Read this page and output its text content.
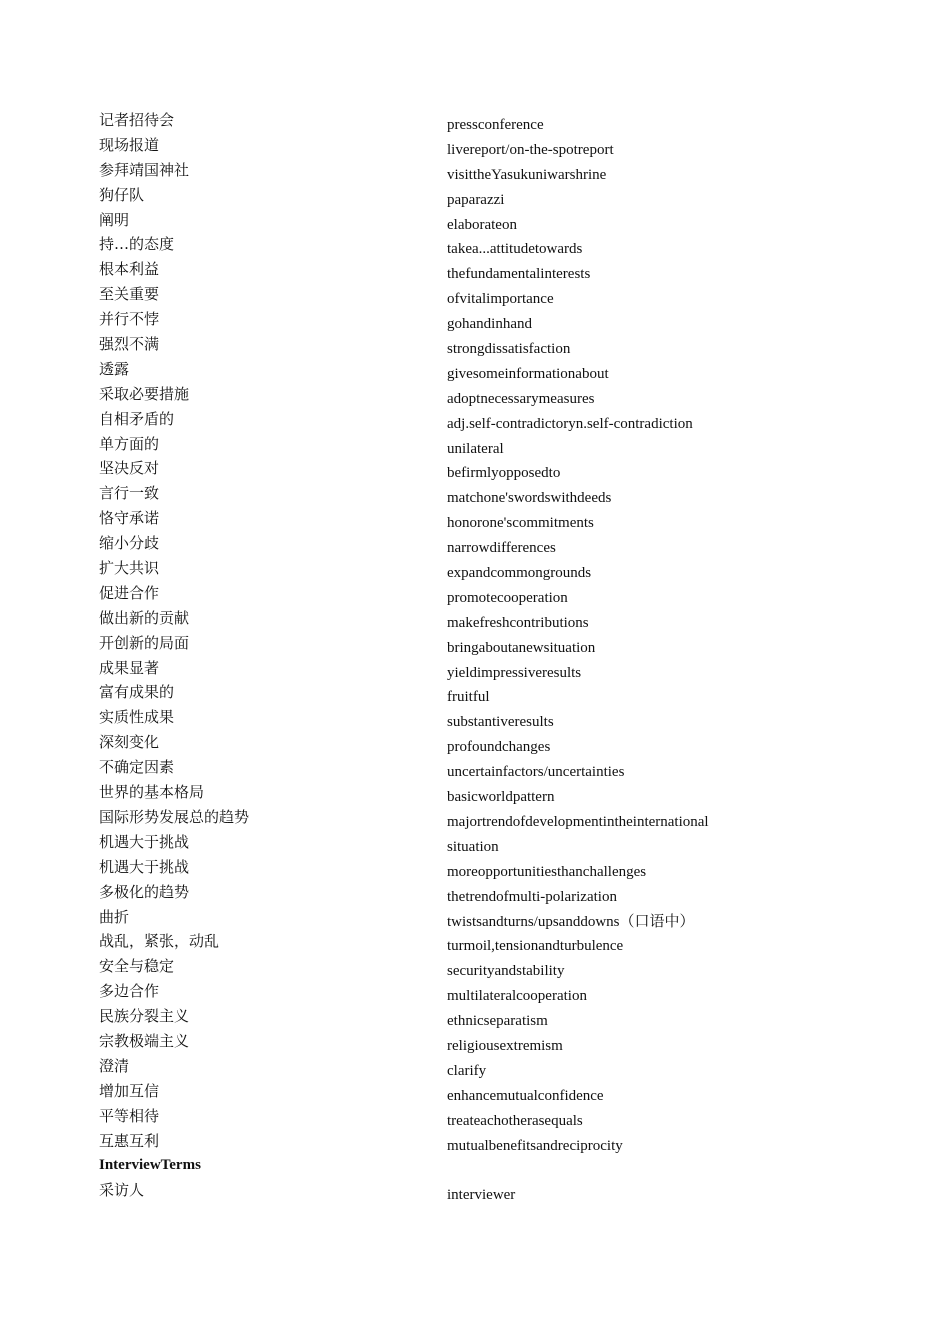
记者招待会	pressconference
现场报道	livereport/on-the-spotreport
参拜靖国神社	visittheYasukuniwarshrine
狗仔队	paparazzi
阐明	elaborateon
持…的态度	takea...attitudetowards
根本利益	thefundamentalinterests
至关重要	ofvitalimportance
并行不悖	gohandinhand
强烈不满	strongdissatisfaction
透露	givesomeinformationabout
采取必要措施	adoptnecessarymeasures
自相矛盾的	adj.self-contradictoryn.self-contradiction
单方面的	unilateral
坚决反对	befirmlyopposedto
言行一致	matchone'swordswithdeeds
恪守承诺	honorone'scommitments
缩小分歧	narrowdifferences
扩大共识	expandcommongrounds
促进合作	promotecooperation
做出新的贡献	makefreshcontributions
开创新的局面	bringaboutanewsituation
成果显著	yieldimpressiveresults
富有成果的	fruitful
实质性成果	substantiveresults
深刻变化	profoundchanges
不确定因素	uncertainfactors/uncertainties
世界的基本格局	basicworldpattern
国际形势发展总的趋势	majortrendofdevelopmentintheinternational
机遇大于挑战	situation
机遇大于挑战	moreopportunitiesthanchallenges
多极化的趋势	thetrendofmulti-polarization
曲折	twistsandturns/upsanddowns（口语中）
战乱，紧张，动乱	turmoil,tensionandturbulence
安全与稳定	securityandstability
多边合作	multilateralcooperation
民族分裂主义	ethnicseparatism
宗教极端主义	religiousextremism
澄清	clarify
增加互信	enhancemutualconfidence
平等相待	treateachotherasequals
互惠互利	mutualbenefitsandreciprocity
InterviewTerms
采访人	interviewer
